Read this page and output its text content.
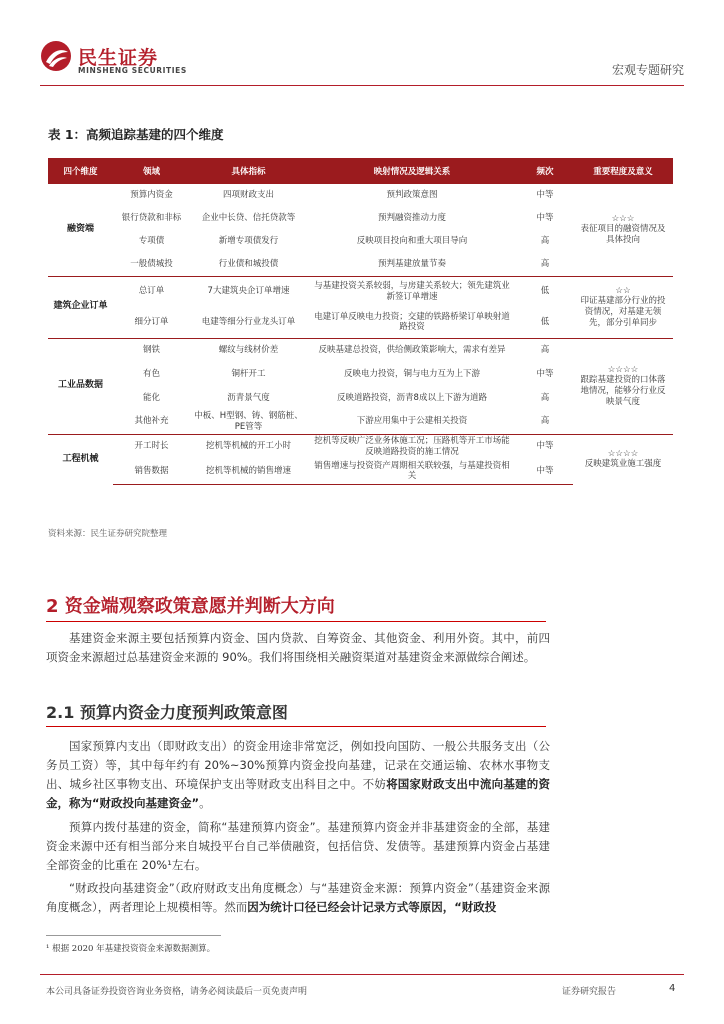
民生证券
MINSHENG SECURITIES	宏观专题研究
表 1：高频追踪基建的四个维度
四个维度	领域	具体指标	映射情况及逻辑关系	频次	重要程度及意义
融资端	预算内资金	四项财政支出	预判政策意图	中等	☆☆☆
表征项目的融资情况及具体投向
	银行贷款和非标	企业中长贷、信托贷款等	预判融资推动力度	中等	
	专项债	新增专项债发行	反映项目投向和重大项目导向	高	
	一般债城投	行业债和城投债	预判基建放量节奏	高	
建筑企业订单	总订单	7大建筑央企订单增速	与基建投资关系较弱，与房建关系较大；领先建筑业新签订单增速	低	☆☆
印证基建部分行业的投资情况，对基建无领先，部分引单同步
	细分订单	电建等细分行业龙头订单	电建订单反映电力投资；交建的铁路桥梁订单映射道路投资	低	
工业品数据	钢铁	螺纹与线材价差	反映基建总投资，供给侧政策影响大，需求有差异	高	☆☆☆☆
跟踪基建投资的口体落地情况，能够分行业反映景气度
	有色	铜杆开工	反映电力投资，铜与电力互为上下游	中等	
	能化	沥青景气度	反映道路投资，沥青8成以上下游为道路	高	
	其他补充	中板、H型钢、铸、钢筋桩、PE管等	下游应用集中于公建相关投资	高	
工程机械	开工时长	挖机等机械的开工小时	挖机等反映广泛业务体施工况；压路机等开工市场能反映道路投资的施工情况	中等	☆☆☆☆
反映建筑业施工强度
	销售数据	挖机等机械的销售增速	销售增速与投资资产周期相关联较强，与基建投资相关	中等	
资料来源：民生证券研究院整理
2 资金端观察政策意愿并判断大方向
基建资金来源主要包括预算内资金、国内贷款、自筹资金、其他资金、利用外资。其中，前四项资金来源超过总基建资金来源的 90%。我们将围绕相关融资渠道对基建资金来源做综合阐述。
2.1 预算内资金力度预判政策意图
国家预算内支出（即财政支出）的资金用途非常宽泛，例如投向国防、一般公共服务支出（公务员工资）等，其中每年约有 20%~30%预算内资金投向基建，记录在交通运输、农林水事物支出、城乡社区事物支出、环境保护支出等财政支出科目之中。不妨将国家财政支出中流向基建的资金，称为“财政投向基建资金”。
预算内拨付基建的资金，简称“基建预算内资金”。基建预算内资金并非基建资金的全部，基建资金来源中还有相当部分来自城投平台自己举债融资，包括信贷、发债等。基建预算内资金占基建全部资金的比重在 20%¹左右。
“财政投向基建资金”（政府财政支出角度概念）与“基建资金来源：预算内资金”（基建资金来源角度概念），两者理论上规模相等。然而因为统计口径已经会计记录方式等原因，“财政投
¹ 根据 2020 年基建投资资金来源数据测算。
本公司具备证券投资咨询业务资格，请务必阅读最后一页免责声明	证券研究报告	4
